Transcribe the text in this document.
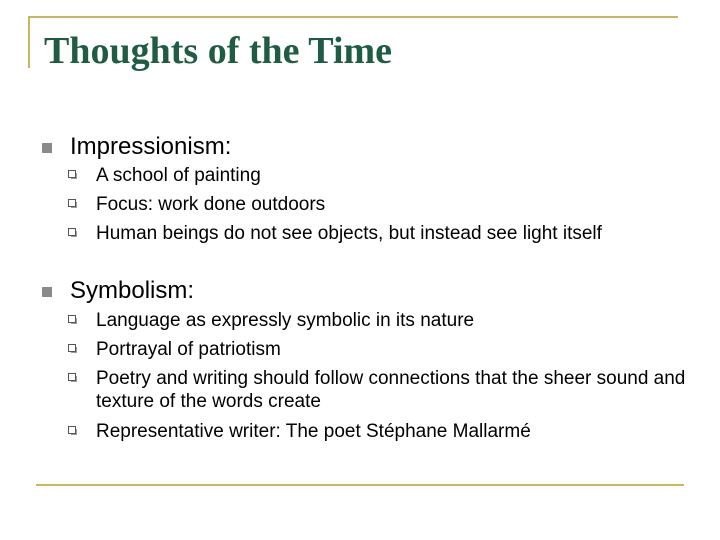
Thoughts of the Time
Impressionism:
A school of painting
Focus: work done outdoors
Human beings do not see objects, but instead see light itself
Symbolism:
Language as expressly symbolic in its nature
Portrayal of patriotism
Poetry and writing should follow connections that the sheer sound and texture of the words create
Representative writer: The poet Stéphane Mallarmé
